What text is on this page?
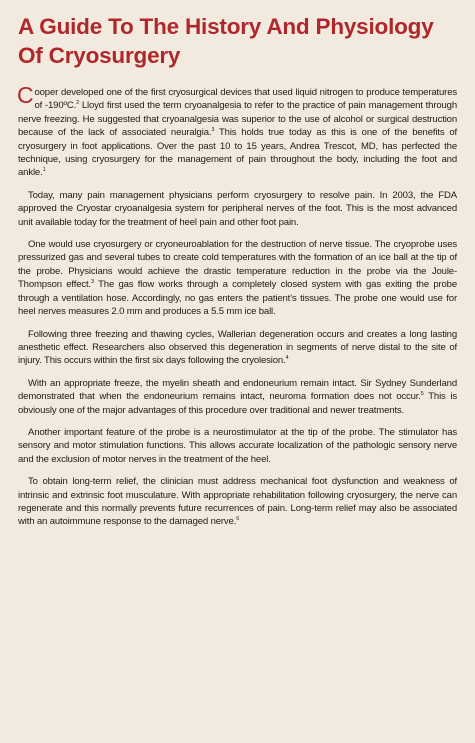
A Guide To The History And Physiology Of Cryosurgery

Cooper developed one of the first cryosurgical devices that used liquid nitrogen to produce temperatures of -190ºC.$^2$ Lloyd first used the term cryoanalgesia to refer to the practice of pain management through nerve freezing. He suggested that cryoanalgesia was superior to the use of alcohol or surgical destruction because of the lack of associated neuralgia.$^3$ This holds true today as this is one of the benefits of cryosurgery in foot applications. Over the past 10 to 15 years, Andrea Trescot, MD, has perfected the technique, using cryosurgery for the management of pain throughout the body, including the foot and ankle.$^1$

Today, many pain management physicians perform cryosurgery to resolve pain. In 2003, the FDA approved the Cryostar cryoanalgesia system for peripheral nerves of the foot. This is the most advanced unit available today for the treatment of heel pain and other foot pain.

One would use cryosurgery or cryoneuroablation for the destruction of nerve tissue. The cryoprobe uses pressurized gas and several tubes to create cold temperatures with the formation of an ice ball at the tip of the probe. Physicians would achieve the drastic temperature reduction in the probe via the Joule-Thompson effect.$^3$ The gas flow works through a completely closed system with gas exiting the probe through a ventilation hose. Accordingly, no gas enters the patient’s tissues. The probe one would use for heel nerves measures 2.0 mm and produces a 5.5 mm ice ball.

Following three freezing and thawing cycles, Wallerian degeneration occurs and creates a long lasting anesthetic effect. Researchers also observed this degeneration in segments of nerve distal to the site of injury. This occurs within the first six days following the cryolesion.$^4$

With an appropriate freeze, the myelin sheath and endoneurium remain intact. Sir Sydney Sunderland demonstrated that when the endoneurium remains intact, neuroma formation does not occur.$^5$ This is obviously one of the major advantages of this procedure over traditional and newer treatments.

Another important feature of the probe is a neurostimulator at the tip of the probe. The stimulator has sensory and motor stimulation functions. This allows accurate localization of the pathologic sensory nerve and the exclusion of motor nerves in the treatment of the heel.

To obtain long-term relief, the clinician must address mechanical foot dysfunction and weakness of intrinsic and extrinsic foot musculature. With appropriate rehabilitation following cryosurgery, the nerve can regenerate and this normally prevents future recurrences of pain. Long-term relief may also be associated with an autoimmune response to the damaged nerve.$^6$
